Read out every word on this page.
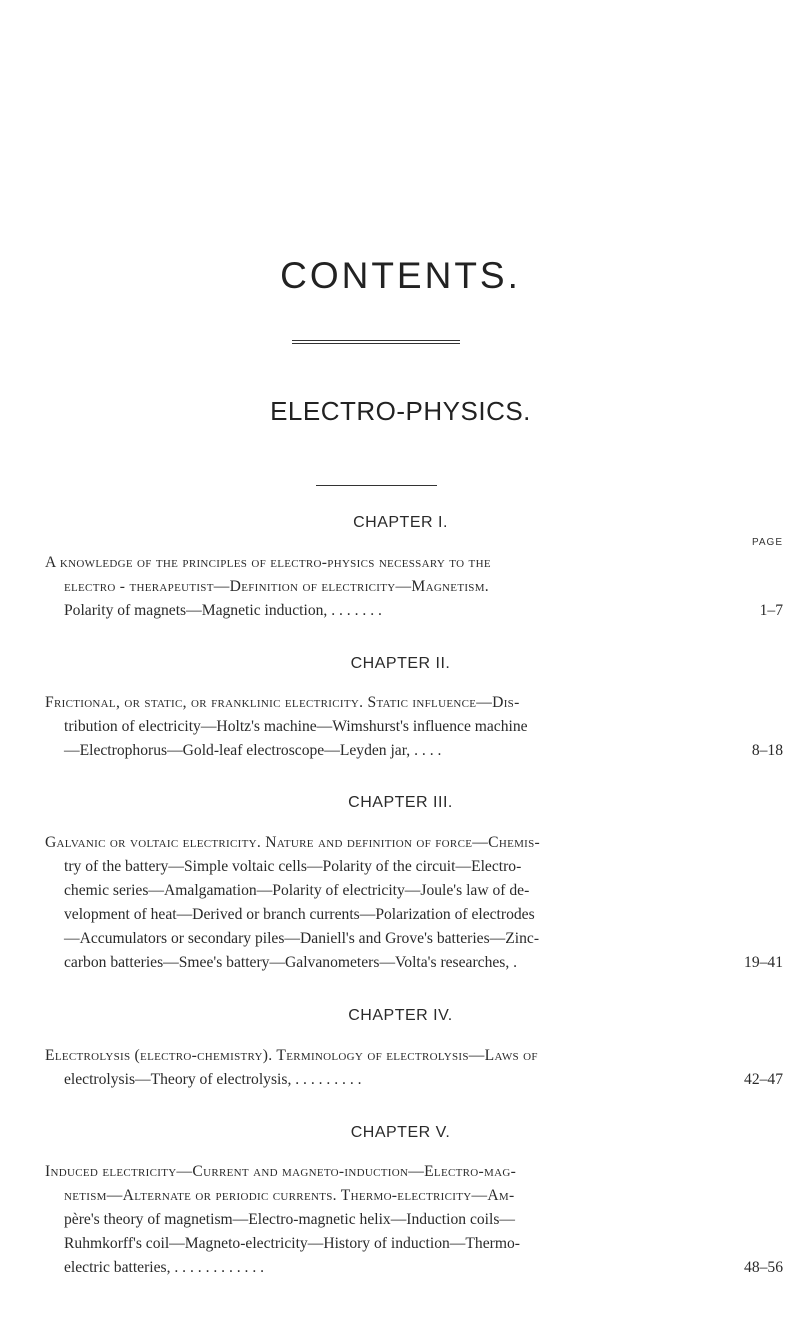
CONTENTS.
ELECTRO-PHYSICS.
PAGE
CHAPTER I.
A knowledge of the principles of electro-physics necessary to the
electro - therapeutist—Definition of electricity—Magnetism.
Polarity of magnets—Magnetic induction, . . . . . . .	1–7
CHAPTER II.
Frictional, or static, or franklinic electricity. Static influence—Dis-
tribution of electricity—Holtz's machine—Wimshurst's influence machine
—Electrophorus—Gold-leaf electroscope—Leyden jar, . . . .	8–18
CHAPTER III.
Galvanic or voltaic electricity. Nature and definition of force—Chemis-
try of the battery—Simple voltaic cells—Polarity of the circuit—Electro-
chemic series—Amalgamation—Polarity of electricity—Joule's law of de-
velopment of heat—Derived or branch currents—Polarization of electrodes
—Accumulators or secondary piles—Daniell's and Grove's batteries—Zinc-
carbon batteries—Smee's battery—Galvanometers—Volta's researches, .	19–41
CHAPTER IV.
Electrolysis (electro-chemistry). Terminology of electrolysis—Laws of
electrolysis—Theory of electrolysis, . . . . . . . . .	42–47
CHAPTER V.
Induced electricity—Current and magneto-induction—Electro-mag-
netism—Alternate or periodic currents. Thermo-electricity—Am-
père's theory of magnetism—Electro-magnetic helix—Induction coils—
Ruhmkorff's coil—Magneto-electricity—History of induction—Thermo-
electric batteries, . . . . . . . . . . . .	48–56
